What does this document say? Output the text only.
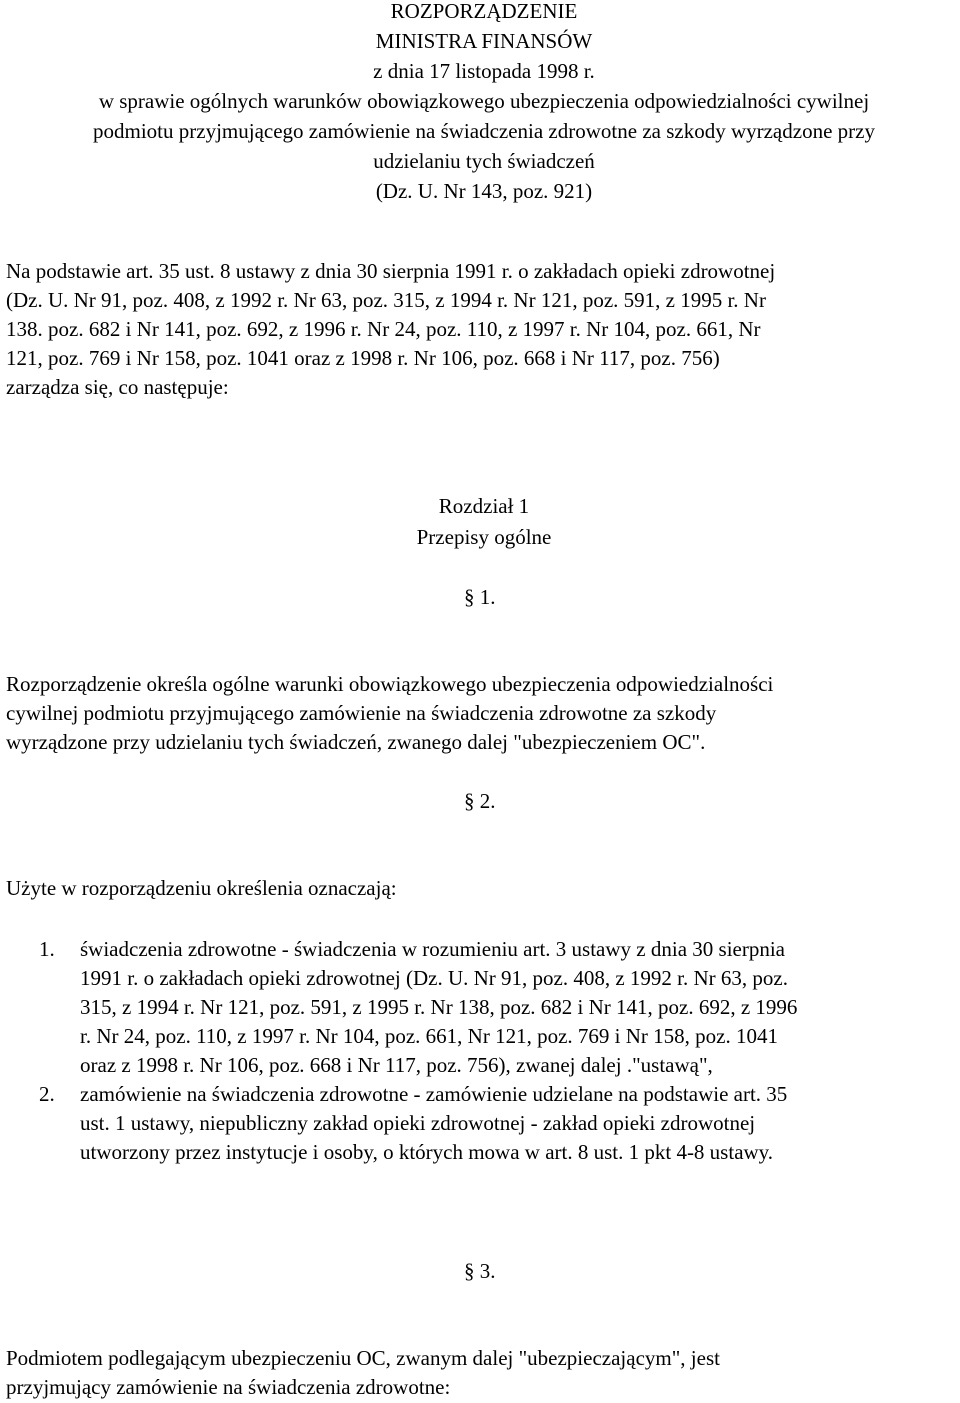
ROZPORZĄDZENIE
MINISTRA FINANSÓW
z dnia 17 listopada 1998 r.
w sprawie ogólnych warunków obowiązkowego ubezpieczenia odpowiedzialności cywilnej
podmiotu przyjmującego zamówienie na świadczenia zdrowotne za szkody wyrządzone przy
udzielaniu tych świadczeń
(Dz. U. Nr 143, poz. 921)
Na podstawie art. 35 ust. 8 ustawy z dnia 30 sierpnia 1991 r. o zakładach opieki zdrowotnej
(Dz. U. Nr 91, poz. 408, z 1992 r. Nr 63, poz. 315, z 1994 r. Nr 121, poz. 591, z 1995 r. Nr
138. poz. 682 i Nr 141, poz. 692, z 1996 r. Nr 24, poz. 110, z 1997 r. Nr 104, poz. 661, Nr
121, poz. 769 i Nr 158, poz. 1041 oraz z 1998 r. Nr 106, poz. 668 i Nr 117, poz. 756)
zarządza się, co następuje:
Rozdział 1
Przepisy ogólne
§ 1.
Rozporządzenie określa ogólne warunki obowiązkowego ubezpieczenia odpowiedzialności
cywilnej podmiotu przyjmującego zamówienie na świadczenia zdrowotne za szkody
wyrządzone przy udzielaniu tych świadczeń, zwanego dalej "ubezpieczeniem OC".
§ 2.
Użyte w rozporządzeniu określenia oznaczają:
1. świadczenia zdrowotne - świadczenia w rozumieniu art. 3 ustawy z dnia 30 sierpnia
1991 r. o zakładach opieki zdrowotnej (Dz. U. Nr 91, poz. 408, z 1992 r. Nr 63, poz.
315, z 1994 r. Nr 121, poz. 591, z 1995 r. Nr 138, poz. 682 i Nr 141, poz. 692, z 1996
r. Nr 24, poz. 110, z 1997 r. Nr 104, poz. 661, Nr 121, poz. 769 i Nr 158, poz. 1041
oraz z 1998 r. Nr 106, poz. 668 i Nr 117, poz. 756), zwanej dalej ."ustawą",
2. zamówienie na świadczenia zdrowotne - zamówienie udzielane na podstawie art. 35
ust. 1 ustawy, niepubliczny zakład opieki zdrowotnej - zakład opieki zdrowotnej
utworzony przez instytucje i osoby, o których mowa w art. 8 ust. 1 pkt 4-8 ustawy.
§ 3.
Podmiotem podlegającym ubezpieczeniu OC, zwanym dalej "ubezpieczającym", jest
przyjmujący zamówienie na świadczenia zdrowotne:
